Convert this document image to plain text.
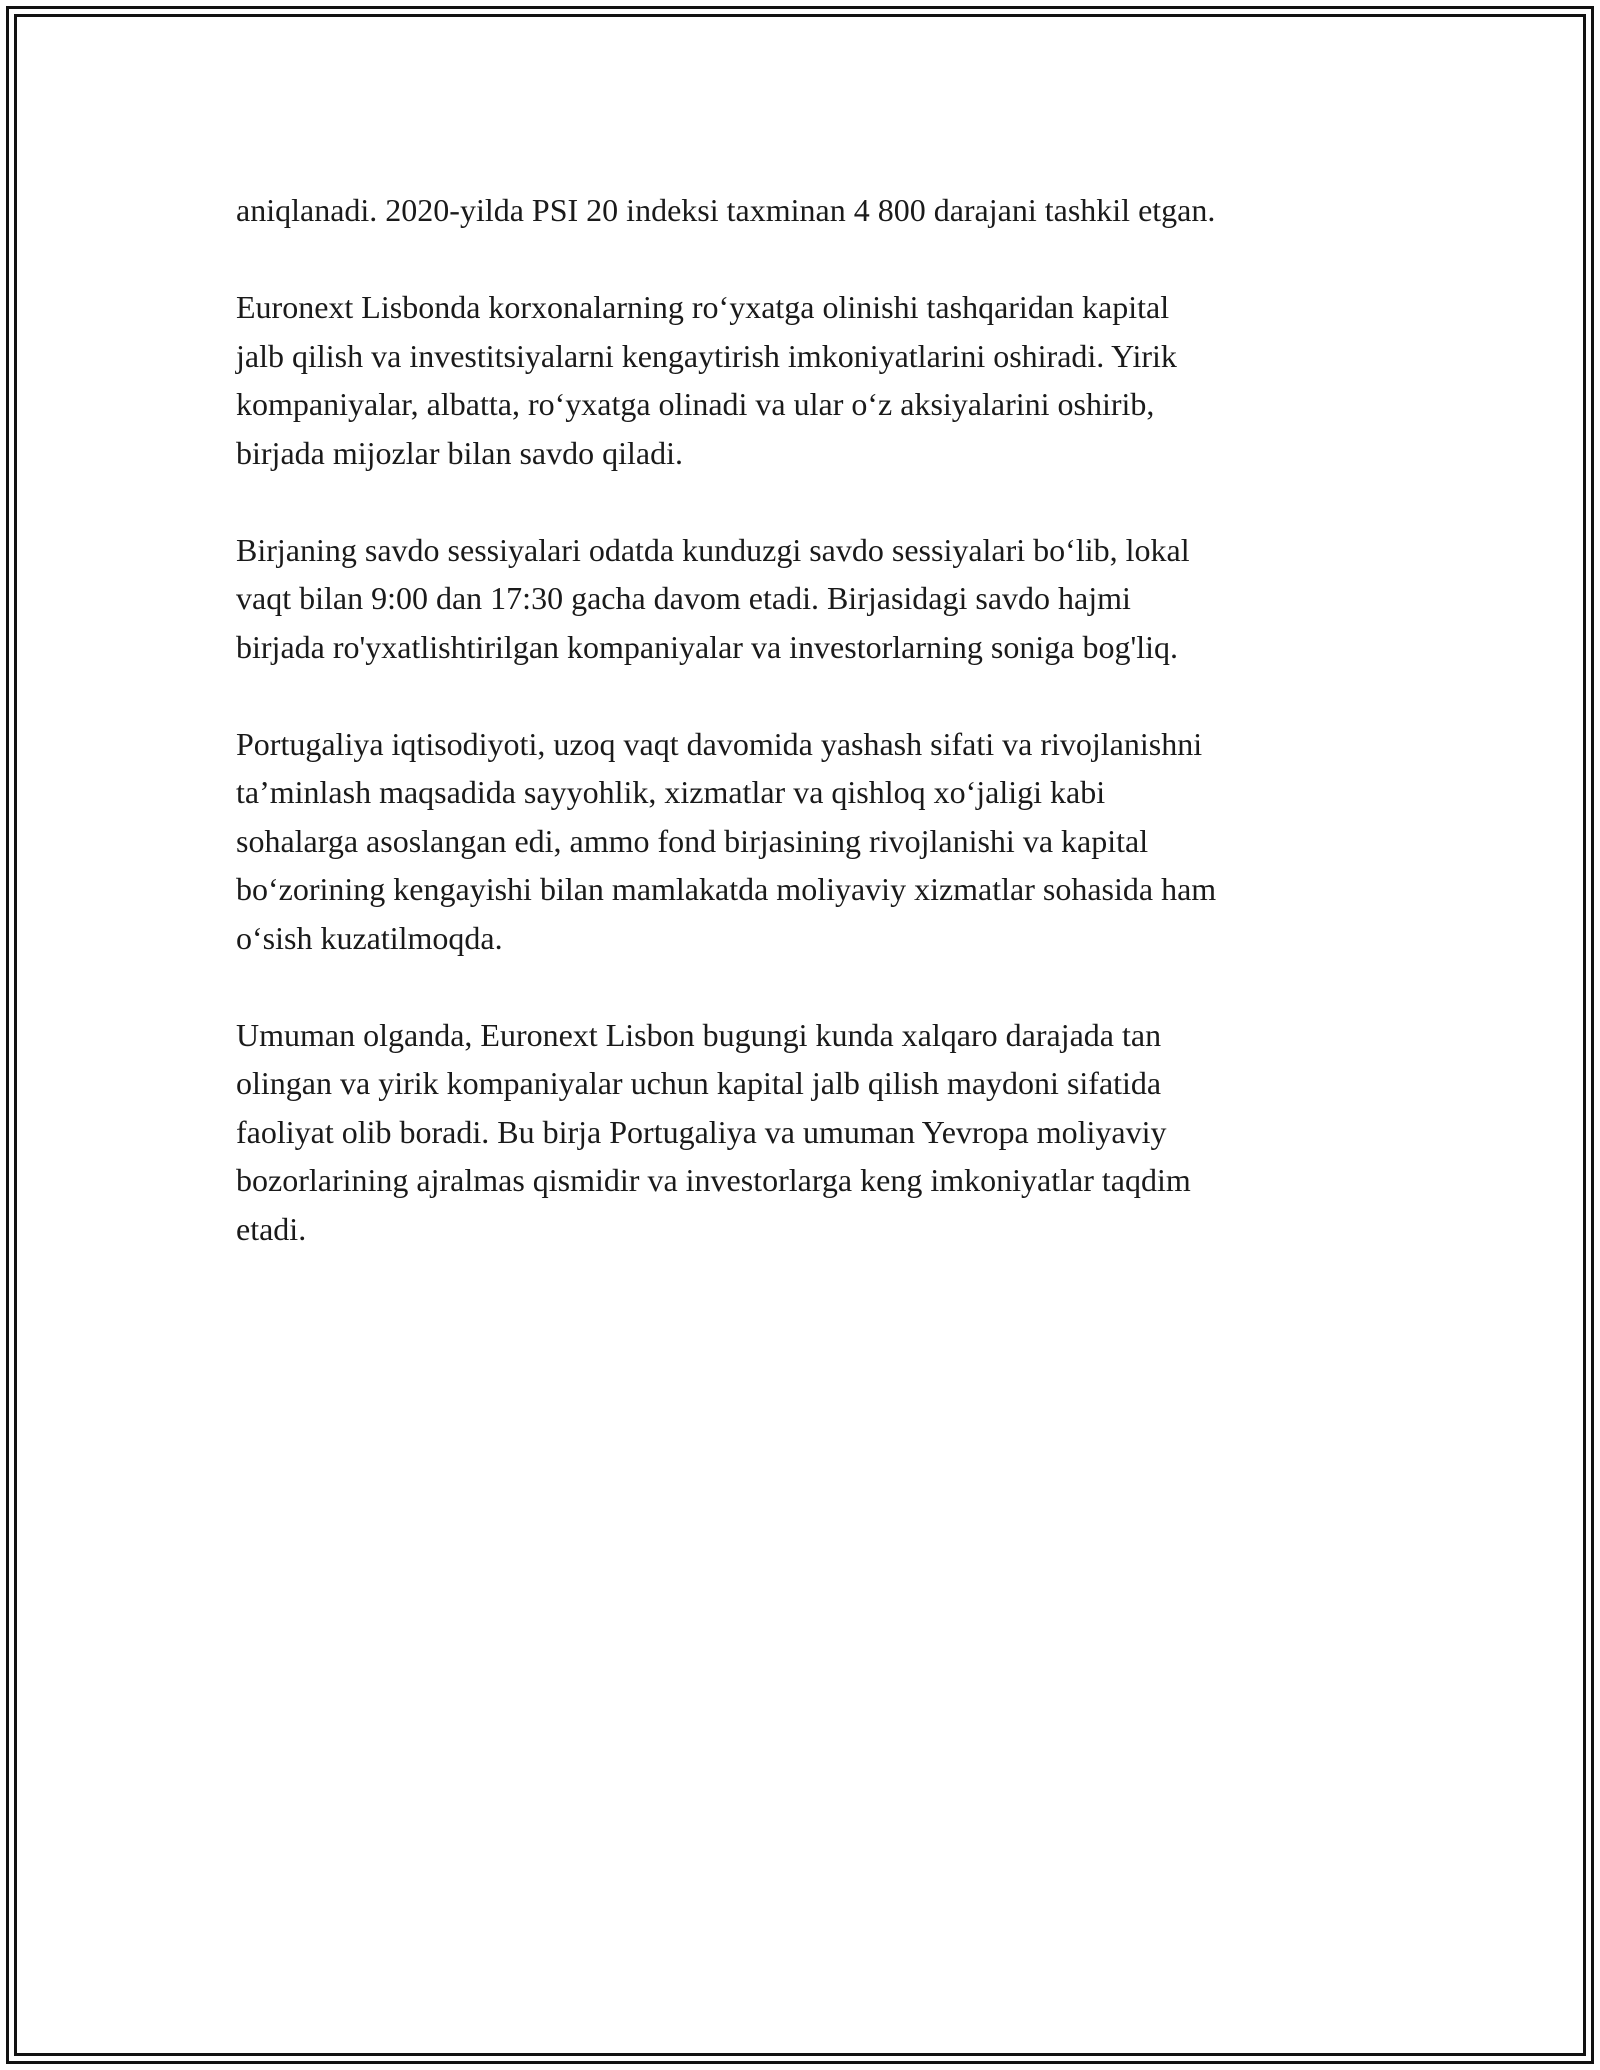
aniqlanadi. 2020-yilda PSI 20 indeksi taxminan 4 800 darajani tashkil etgan.

Euronext Lisbonda korxonalarning ro‘yxatga olinishi tashqaridan kapital
jalb qilish va investitsiyalarni kengaytirish imkoniyatlarini oshiradi. Yirik
kompaniyalar, albatta, ro‘yxatga olinadi va ular o‘z aksiyalarini oshirib,
birjada mijozlar bilan savdo qiladi.

Birjaning savdo sessiyalari odatda kunduzgi savdo sessiyalari bo‘lib, lokal
vaqt bilan 9:00 dan 17:30 gacha davom etadi. Birjasidagi savdo hajmi
birjada ro'yxatlishtirilgan kompaniyalar va investorlarning soniga bog'liq.

Portugaliya iqtisodiyoti, uzoq vaqt davomida yashash sifati va rivojlanishni
ta’minlash maqsadida sayyohlik, xizmatlar va qishloq xo‘jaligi kabi
sohalarga asoslangan edi, ammo fond birjasining rivojlanishi va kapital
bo‘zorining kengayishi bilan mamlakatda moliyaviy xizmatlar sohasida ham
o‘sish kuzatilmoqda.

Umuman olganda, Euronext Lisbon bugungi kunda xalqaro darajada tan
olingan va yirik kompaniyalar uchun kapital jalb qilish maydoni sifatida
faoliyat olib boradi. Bu birja Portugaliya va umuman Yevropa moliyaviy
bozorlarining ajralmas qismidir va investorlarga keng imkoniyatlar taqdim
etadi.
